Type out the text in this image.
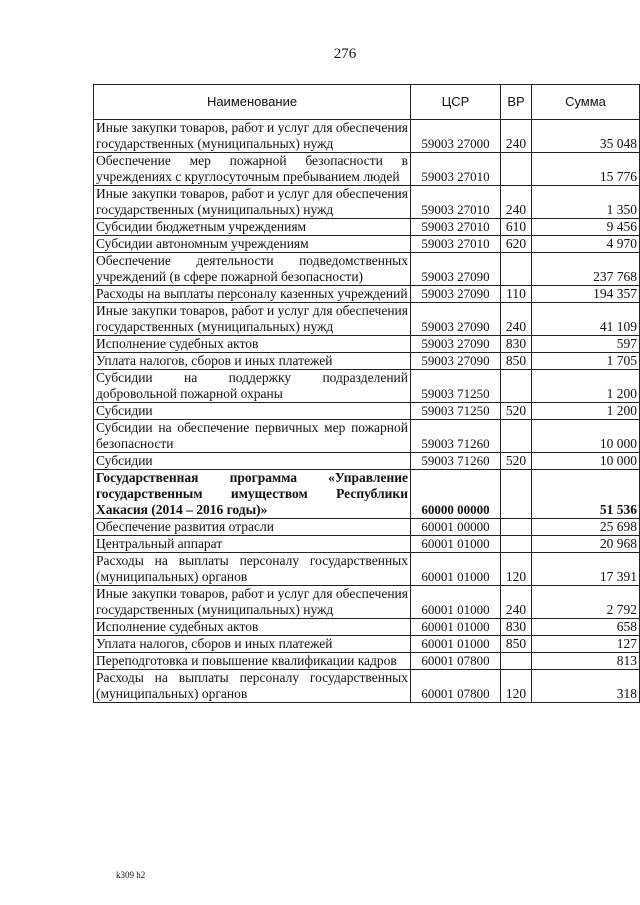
276
Наименование	ЦСР	ВР	Сумма
Иные закупки товаров, работ и услуг для обеспечения государственных (муниципальных) нужд	59003 27000	240	35 048
Обеспечение мер пожарной безопасности в учреждениях с круглосуточным пребыванием людей	59003 27010		15 776
Иные закупки товаров, работ и услуг для обеспечения государственных (муниципальных) нужд	59003 27010	240	1 350
Субсидии бюджетным учреждениям	59003 27010	610	9 456
Субсидии автономным учреждениям	59003 27010	620	4 970
Обеспечение деятельности подведомственных учреждений (в сфере пожарной безопасности)	59003 27090		237 768
Расходы на выплаты персоналу казенных учреждений	59003 27090	110	194 357
Иные закупки товаров, работ и услуг для обеспечения государственных (муниципальных) нужд	59003 27090	240	41 109
Исполнение судебных актов	59003 27090	830	597
Уплата налогов, сборов и иных платежей	59003 27090	850	1 705
Субсидии на поддержку подразделений добровольной пожарной охраны	59003 71250		1 200
Субсидии	59003 71250	520	1 200
Субсидии на обеспечение первичных мер пожарной безопасности	59003 71260		10 000
Субсидии	59003 71260	520	10 000
Государственная программа «Управление государственным имуществом Республики Хакасия (2014 – 2016 годы)»	60000 00000		51 536
Обеспечение развития отрасли	60001 00000		25 698
Центральный аппарат	60001 01000		20 968
Расходы на выплаты персоналу государственных (муниципальных) органов	60001 01000	120	17 391
Иные закупки товаров, работ и услуг для обеспечения государственных (муниципальных) нужд	60001 01000	240	2 792
Исполнение судебных актов	60001 01000	830	658
Уплата налогов, сборов и иных платежей	60001 01000	850	127
Переподготовка и повышение квалификации кадров	60001 07800		813
Расходы на выплаты персоналу государственных (муниципальных) органов	60001 07800	120	318
k309 h2
